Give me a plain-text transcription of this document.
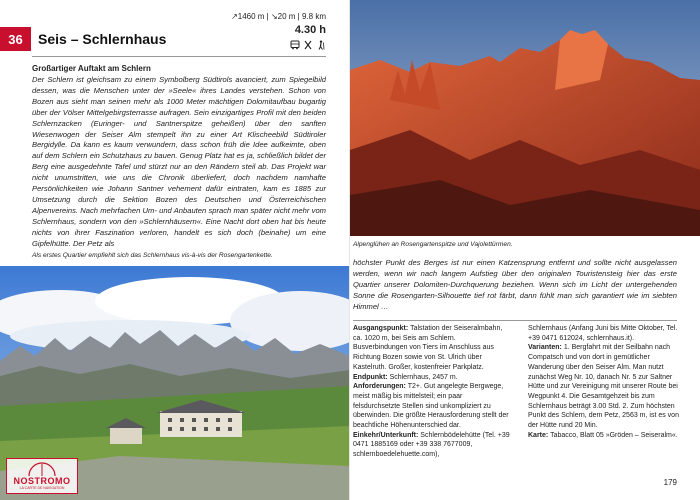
↗1460 m | ↘20 m | 9.8 km
36	Seis – Schlernhaus
4.30 h
Großartiger Auftakt am Schlern
Der Schlern ist gleichsam zu einem Symbolberg Südtirols avanciert, zum Spiegelbild dessen, was die Menschen unter der »Seele« ihres Landes verstehen. Schon von Bozen aus sieht man seinen mehr als 1000 Meter mächtigen Dolomitaufbau bugartig über der Völser Mittelgebirgsterrasse aufragen. Sein einzigartiges Profil mit den beiden Schlernzacken (Euringer- und Santnerspitze geheißen) über den sanften Wiesenwogen der Seiser Alm stempelt ihn zu einer Art Klischeebild Südtiroler Bergidylle. Da kann es kaum verwundern, dass schon früh die Idee aufkeimte, oben auf dem Schlern ein Schutzhaus zu bauen. Genug Platz hat es ja, schließlich bildet der Berg eine ausgedehnte Tafel und stürzt nur an den Rändern steil ab. Das Projekt war nicht unumstritten, wie uns die Chronik überliefert, doch nachdem namhafte Persönlichkeiten wie Johann Santner vehement dafür eintraten, kam es 1885 zur Umsetzung durch die Sektion Bozen des Deutschen und Österreichischen Alpenvereins. Nach mehrfachen Um- und Anbauten sprach man später nicht mehr vom Schlernhaus, sondern von den »Schlernhäusern«. Eine Nacht dort oben hat bis heute nichts von ihrer Faszination verloren, handelt es sich doch (beinahe) um eine Gipfelhütte. Der Petz als
Als erstes Quartier empfiehlt sich das Schlernhaus vis-à-vis der Rosengartenkette.
NOSTROMO
LA CARTE DE NAVIGATION
Alpenglühen an Rosengartenspitze und Vajolettürmen.
höchster Punkt des Berges ist nur einen Katzensprung entfernt und sollte nicht ausgelassen werden, wenn wir nach langem Aufstieg über den originalen Touristensteig hier das erste Quartier unserer Dolomiten-Durchquerung beziehen. Wenn sich im Licht der untergehenden Sonne die Rosengarten-Silhouette tief rot färbt, dann fühlt man sich garantiert wie im siebten Himmel …

Ausgangspunkt: Talstation der Seiseralmbahn, ca. 1020 m, bei Seis am Schlern. Busverbindungen von Tiers im Anschluss aus Richtung Bozen sowie von St. Ulrich über Kastelruth. Großer, kostenfreier Parkplatz.

Endpunkt: Schlernhaus, 2457 m.

Anforderungen: T2+. Gut angelegte Bergwege, meist mäßig bis mittelsteil; ein paar felsdurchsetzte Stellen sind unkompliziert zu überwinden. Die größte Herausforderung stellt der beachtliche Höhenunterschied dar.

Einkehr/Unterkunft: Schlernbödelehütte (Tel. +39 0471 1885169 oder +39 338 7677009, schlernboedelehuette.com),

Schlernhaus (Anfang Juni bis Mitte Oktober, Tel. +39 0471 612024, schlernhaus.it).

Varianten: 1. Bergfahrt mit der Seilbahn nach Compatsch und von dort in gemütlicher Wanderung über den Seiser Alm. Man nutzt zunächst Weg Nr. 10, danach Nr. 5 zur Saltner Hütte und zur Vereinigung mit unserer Route bei Wegpunkt 4. Die Gesamtgehzeit bis zum Schlernhaus beträgt 3.00 Std. 2. Zum höchsten Punkt des Schlern, dem Petz, 2563 m, ist es von der Hütte rund 20 Min.

Karte: Tabacco, Blatt 05 »Gröden – Seiseralm«.

179
